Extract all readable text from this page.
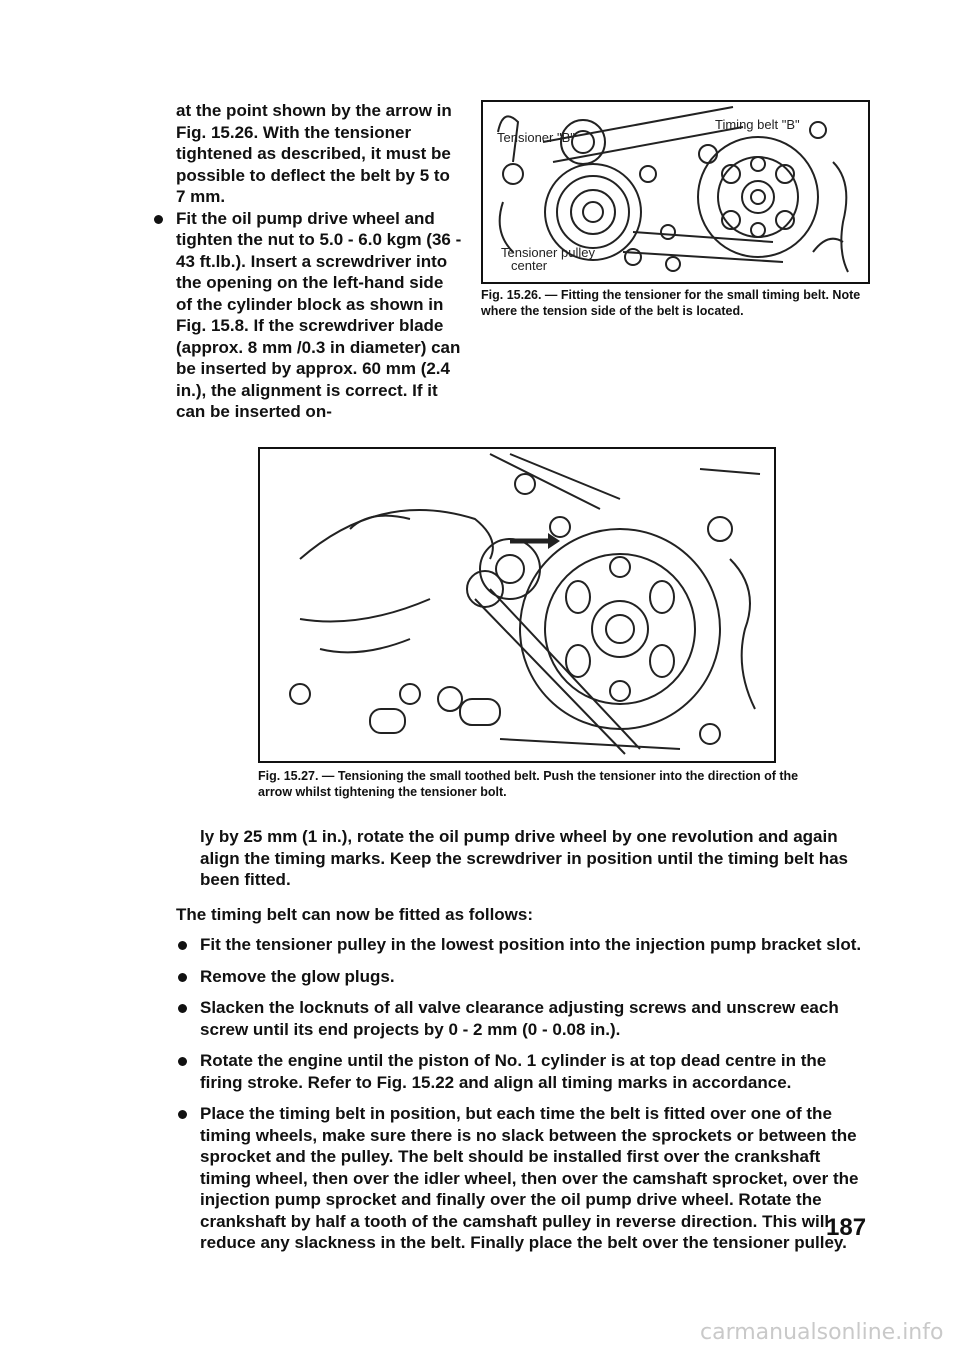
at the point shown by the arrow in Fig. 15.26. With the tensioner tightened as described, it must be possible to deflect the belt by 5 to 7 mm.

Fit the oil pump drive wheel and tighten the nut to 5.0 - 6.0 kgm (36 - 43 ft.lb.). Insert a screwdriver into the opening on the left-hand side of the cylinder block as shown in Fig. 15.8. If the screwdriver blade (approx. 8 mm /0.3 in diameter) can be inserted by approx. 60 mm (2.4 in.), the alignment is correct. If it can be inserted on-
Timing belt "B"
Tensioner "B"
Tensioner pulley
center
Fig. 15.26. — Fitting the tensioner for the small timing belt. Note where the tension side of the belt is located.
Fig. 15.27. — Tensioning the small toothed belt. Push the tensioner into the direction of the arrow whilst tightening the tensioner bolt.
ly by 25 mm (1 in.), rotate the oil pump drive wheel by one revolution and again align the timing marks. Keep the screwdriver in position until the timing belt has been fitted.
The timing belt can now be fitted as follows:
Fit the tensioner pulley in the lowest position into the injection pump bracket slot.
Remove the glow plugs.
Slacken the locknuts of all valve clearance adjusting screws and unscrew each screw until its end projects by 0 - 2 mm (0 - 0.08 in.).
Rotate the engine until the piston of No. 1 cylinder is at top dead centre in the firing stroke. Refer to Fig. 15.22 and align all timing marks in accordance.
Place the timing belt in position, but each time the belt is fitted over one of the timing wheels, make sure there is no slack between the sprockets or between the sprocket and the pulley. The belt should be installed first over the crankshaft timing wheel, then over the idler wheel, then over the camshaft sprocket, over the injection pump sprocket and finally over the oil pump drive wheel. Rotate the crankshaft by half a tooth of the camshaft pulley in reverse direction. This will reduce any slackness in the belt. Finally place the belt over the tensioner pulley.
187
carmanualsonline.info
